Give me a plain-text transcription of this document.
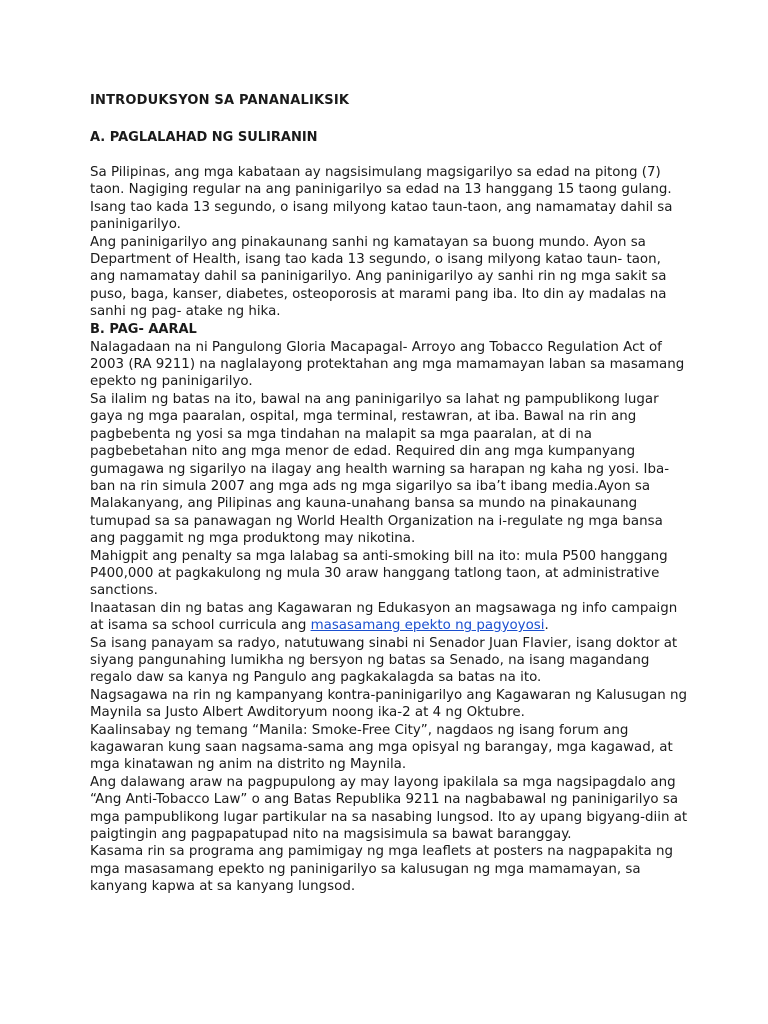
INTRODUKSYON SA PANANALIKSIK

A. PAGLALAHAD NG SULIRANIN

Sa Pilipinas, ang mga kabataan ay nagsisimulang magsigarilyo sa edad na pitong (7) taon. Nagiging regular na ang paninigarilyo sa edad na 13 hanggang 15 taong gulang. Isang tao kada 13 segundo, o isang milyong katao taun-taon, ang namamatay dahil sa paninigarilyo.

Ang paninigarilyo ang pinakaunang sanhi ng kamatayan sa buong mundo. Ayon sa Department of Health, isang tao kada 13 segundo, o isang milyong katao taun- taon, ang namamatay dahil sa paninigarilyo. Ang paninigarilyo ay sanhi rin ng mga sakit sa puso, baga, kanser, diabetes, osteoporosis at marami pang iba. Ito din ay madalas na sanhi ng pag- atake ng hika.

B. PAG- AARAL

Nalagadaan na ni Pangulong Gloria Macapagal- Arroyo ang Tobacco Regulation Act of 2003 (RA 9211) na naglalayong protektahan ang mga mamamayan laban sa masamang epekto ng paninigarilyo.

Sa ilalim ng batas na ito, bawal na ang paninigarilyo sa lahat ng pampublikong lugar gaya ng mga paaralan, ospital, mga terminal, restawran, at iba. Bawal na rin ang pagbebenta ng yosi sa mga tindahan na malapit sa mga paaralan, at di na pagbebetahan nito ang mga menor de edad. Required din ang mga kumpanyang gumagawa ng sigarilyo na ilagay ang health warning sa harapan ng kaha ng yosi. Iba-ban na rin simula 2007 ang mga ads ng mga sigarilyo sa iba’t ibang media.Ayon sa Malakanyang, ang Pilipinas ang kauna-unahang bansa sa mundo na pinakaunang tumupad sa sa panawagan ng World Health Organization na i-regulate ng mga bansa ang paggamit ng mga produktong may nikotina.

Mahigpit ang penalty sa mga lalabag sa anti-smoking bill na ito: mula P500 hanggang P400,000 at pagkakulong ng mula 30 araw hanggang tatlong taon, at administrative sanctions.

Inaatasan din ng batas ang Kagawaran ng Edukasyon an magsawaga ng info campaign at isama sa school curricula ang masasamang epekto ng pagyoyosi.

Sa isang panayam sa radyo, natutuwang sinabi ni Senador Juan Flavier, isang doktor at siyang pangunahing lumikha ng bersyon ng batas sa Senado, na isang magandang regalo daw sa kanya ng Pangulo ang pagkakalagda sa batas na ito.

Nagsagawa na rin ng kampanyang kontra-paninigarilyo ang Kagawaran ng Kalusugan ng Maynila sa Justo Albert Awditoryum noong ika-2 at 4 ng Oktubre.

Kaalinsabay ng temang “Manila: Smoke-Free City”, nagdaos ng isang forum ang kagawaran kung saan nagsama-sama ang mga opisyal ng barangay, mga kagawad, at mga kinatawan ng anim na distrito ng Maynila.

Ang dalawang araw na pagpupulong ay may layong ipakilala sa mga nagsipagdalo ang “Ang Anti-Tobacco Law” o ang Batas Republika 9211 na nagbabawal ng paninigarilyo sa mga pampublikong lugar partikular na sa nasabing lungsod. Ito ay upang bigyang-diin at paigtingin ang pagpapatupad nito na magsisimula sa bawat baranggay.

Kasama rin sa programa ang pamimigay ng mga leaflets at posters na nagpapakita ng mga masasamang epekto ng paninigarilyo sa kalusugan ng mga mamamayan, sa kanyang kapwa at sa kanyang lungsod.
